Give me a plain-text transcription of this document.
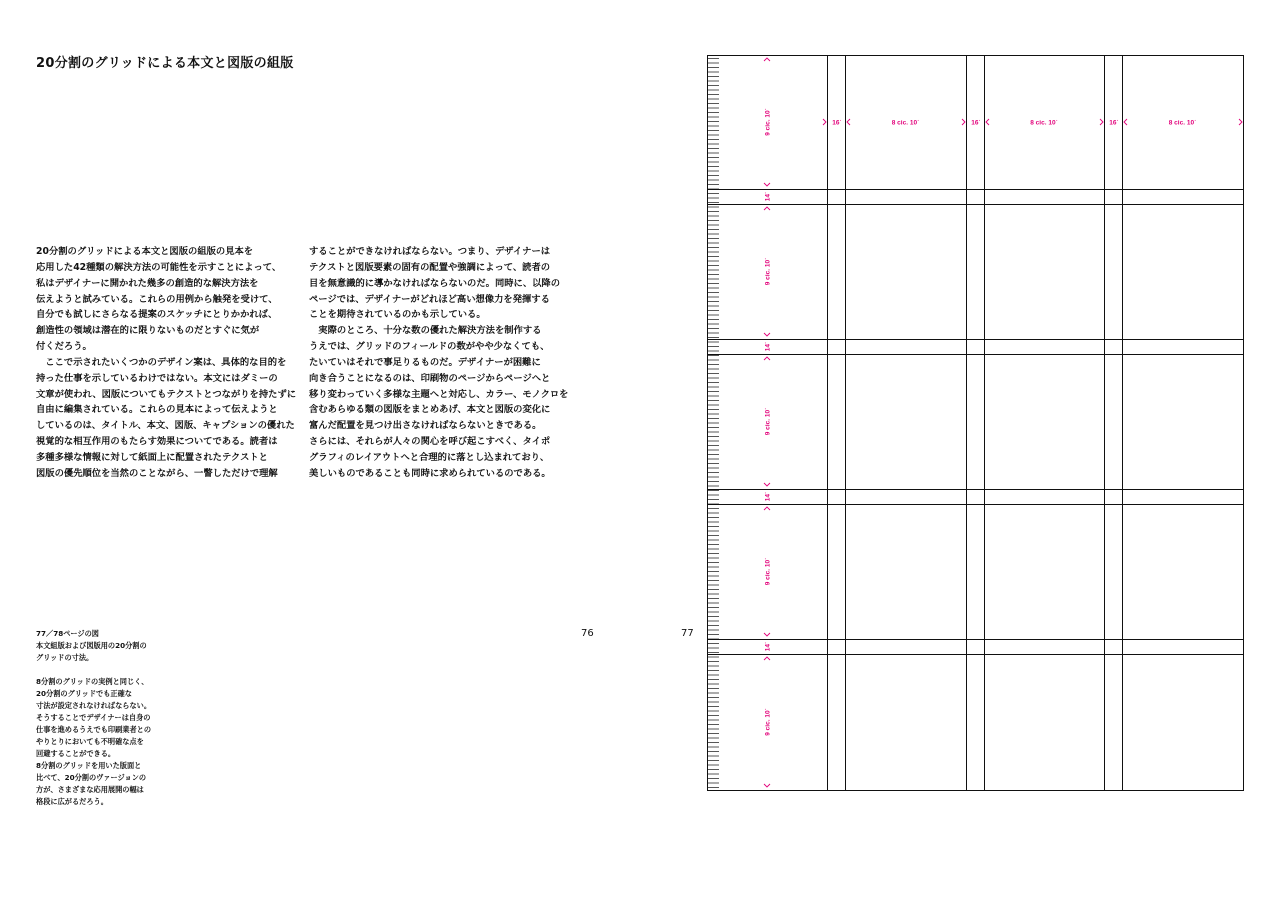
20分割のグリッドによる本文と図版の組版
20分割のグリッドによる本文と図版の組版の見本を
応用した42種類の解決方法の可能性を示すことによって、
私はデザイナーに開かれた幾多の創造的な解決方法を
伝えようと試みている。これらの用例から触発を受けて、
自分でも試しにさらなる提案のスケッチにとりかかれば、
創造性の領域は潜在的に限りないものだとすぐに気が
付くだろう。
　ここで示されたいくつかのデザイン案は、具体的な目的を
持った仕事を示しているわけではない。本文にはダミーの
文章が使われ、図版についてもテクストとつながりを持たずに
自由に編集されている。これらの見本によって伝えようと
しているのは、タイトル、本文、図版、キャプションの優れた
視覚的な相互作用のもたらす効果についてである。読者は
多種多様な情報に対して紙面上に配置されたテクストと
図版の優先順位を当然のことながら、一瞥しただけで理解
することができなければならない。つまり、デザイナーは
テクストと図版要素の固有の配置や強調によって、読者の
目を無意識的に導かなければならないのだ。同時に、以降の
ページでは、デザイナーがどれほど高い想像力を発揮する
ことを期待されているのかも示している。
　実際のところ、十分な数の優れた解決方法を制作する
うえでは、グリッドのフィールドの数がやや少なくても、
たいていはそれで事足りるものだ。デザイナーが困難に
向き合うことになるのは、印刷物のページからページへと
移り変わっていく多様な主題へと対応し、カラー、モノクロを
含むあらゆる類の図版をまとめあげ、本文と図版の変化に
富んだ配置を見つけ出さなければならないときである。
さらには、それらが人々の関心を呼び起こすべく、タイポ
グラフィのレイアウトへと合理的に落とし込まれており、
美しいものであることも同時に求められているのである。
77／78ページの図
本文組版および図版用の20分割の
グリッドの寸法。
8分割のグリッドの実例と同じく、
20分割のグリッドでも正確な
寸法が設定されなければならない。
そうすることでデザイナーは自身の
仕事を進めるうえでも印刷業者との
やりとりにおいても不明確な点を
回避することができる。
8分割のグリッドを用いた版面と
比べて、20分割のヴァージョンの
方が、さまざまな応用展開の幅は
格段に広がるだろう。
76	77
9 cic. 10˙
14˙
9 cic. 10˙
14˙
9 cic. 10˙
14˙
9 cic. 10˙
14˙
9 cic. 10˙
16˙	16˙	16˙
8 cic. 10˙	8 cic. 10˙	8 cic. 10˙
